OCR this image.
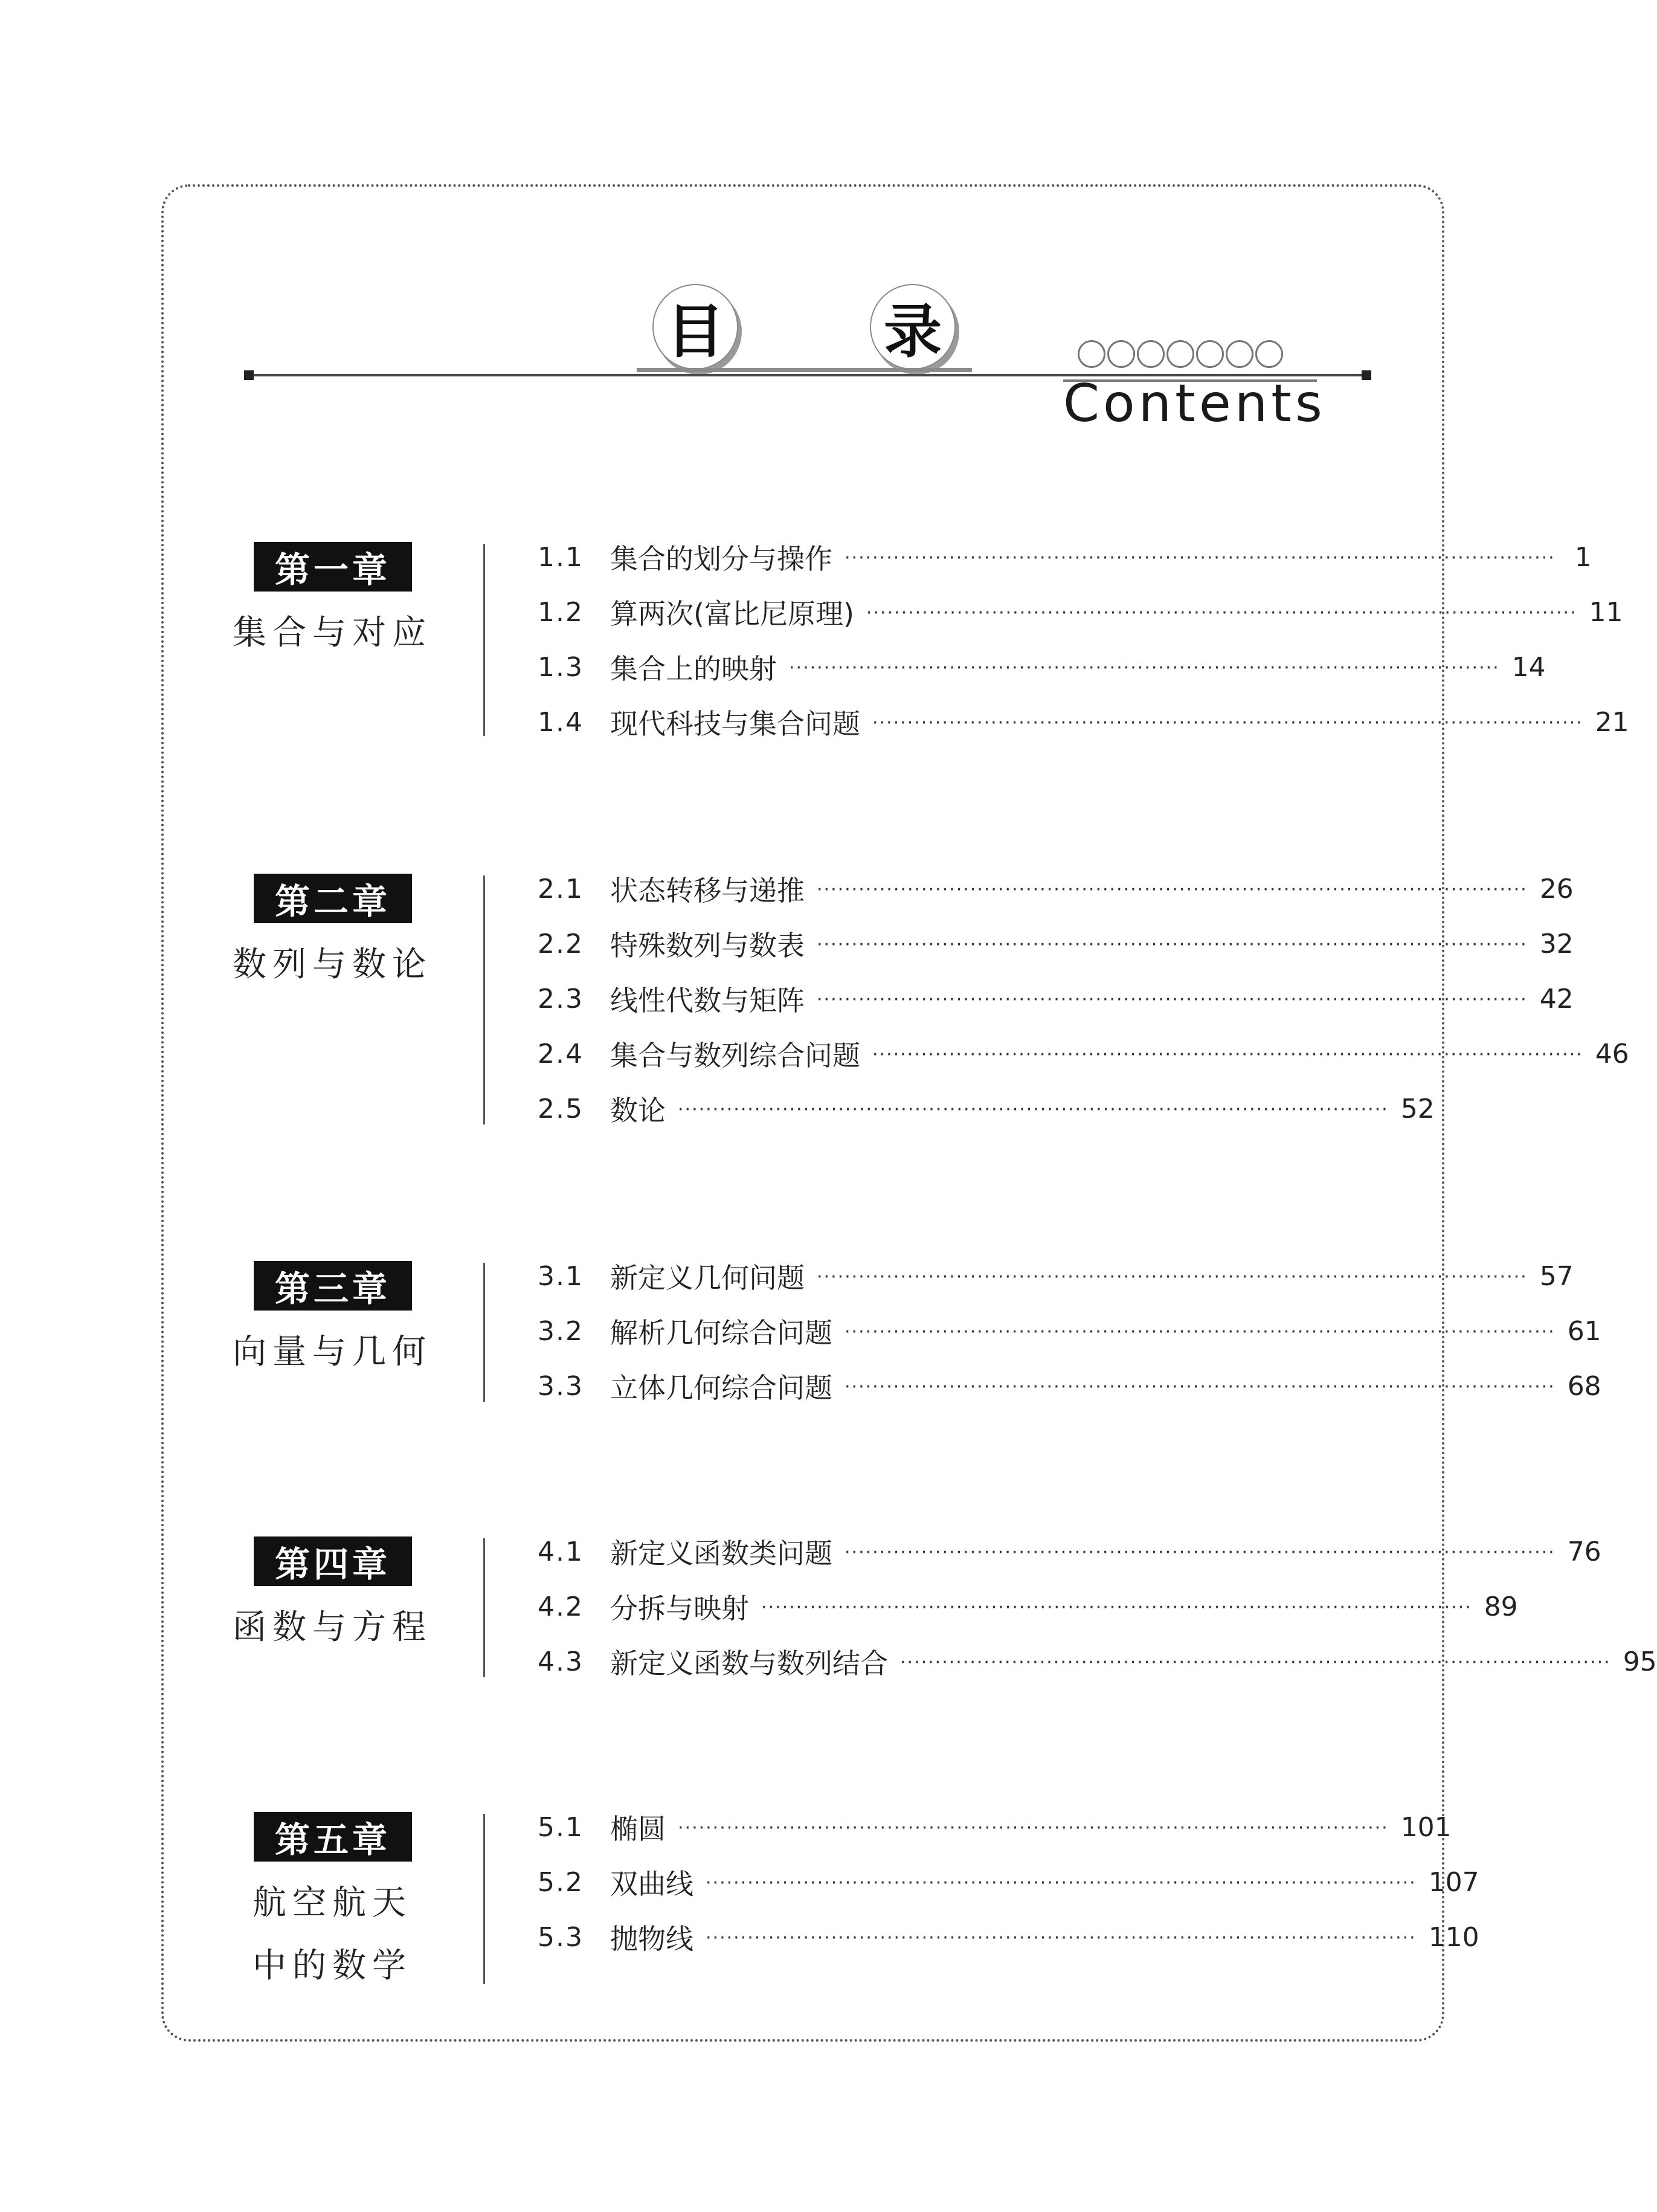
目	录
Contents
第一章
集合与对应
1.1 集合的划分与操作 ······································································································ 1
1.2 算两次(富比尼原理) ······································································································ 11
1.3 集合上的映射 ······································································································ 14
1.4 现代科技与集合问题 ······································································································ 21
第二章
数列与数论
2.1 状态转移与递推 ······································································································ 26
2.2 特殊数列与数表 ······································································································ 32
2.3 线性代数与矩阵 ······································································································ 42
2.4 集合与数列综合问题 ······································································································ 46
2.5 数论 ······································································································ 52
第三章
向量与几何
3.1 新定义几何问题 ······································································································ 57
3.2 解析几何综合问题 ······································································································ 61
3.3 立体几何综合问题 ······································································································ 68
第四章
函数与方程
4.1 新定义函数类问题 ······································································································ 76
4.2 分拆与映射 ······································································································ 89
4.3 新定义函数与数列结合 ······································································································ 95
第五章
航空航天
中的数学
5.1 椭圆 ······································································································ 101
5.2 双曲线 ······································································································ 107
5.3 抛物线 ······································································································ 110
